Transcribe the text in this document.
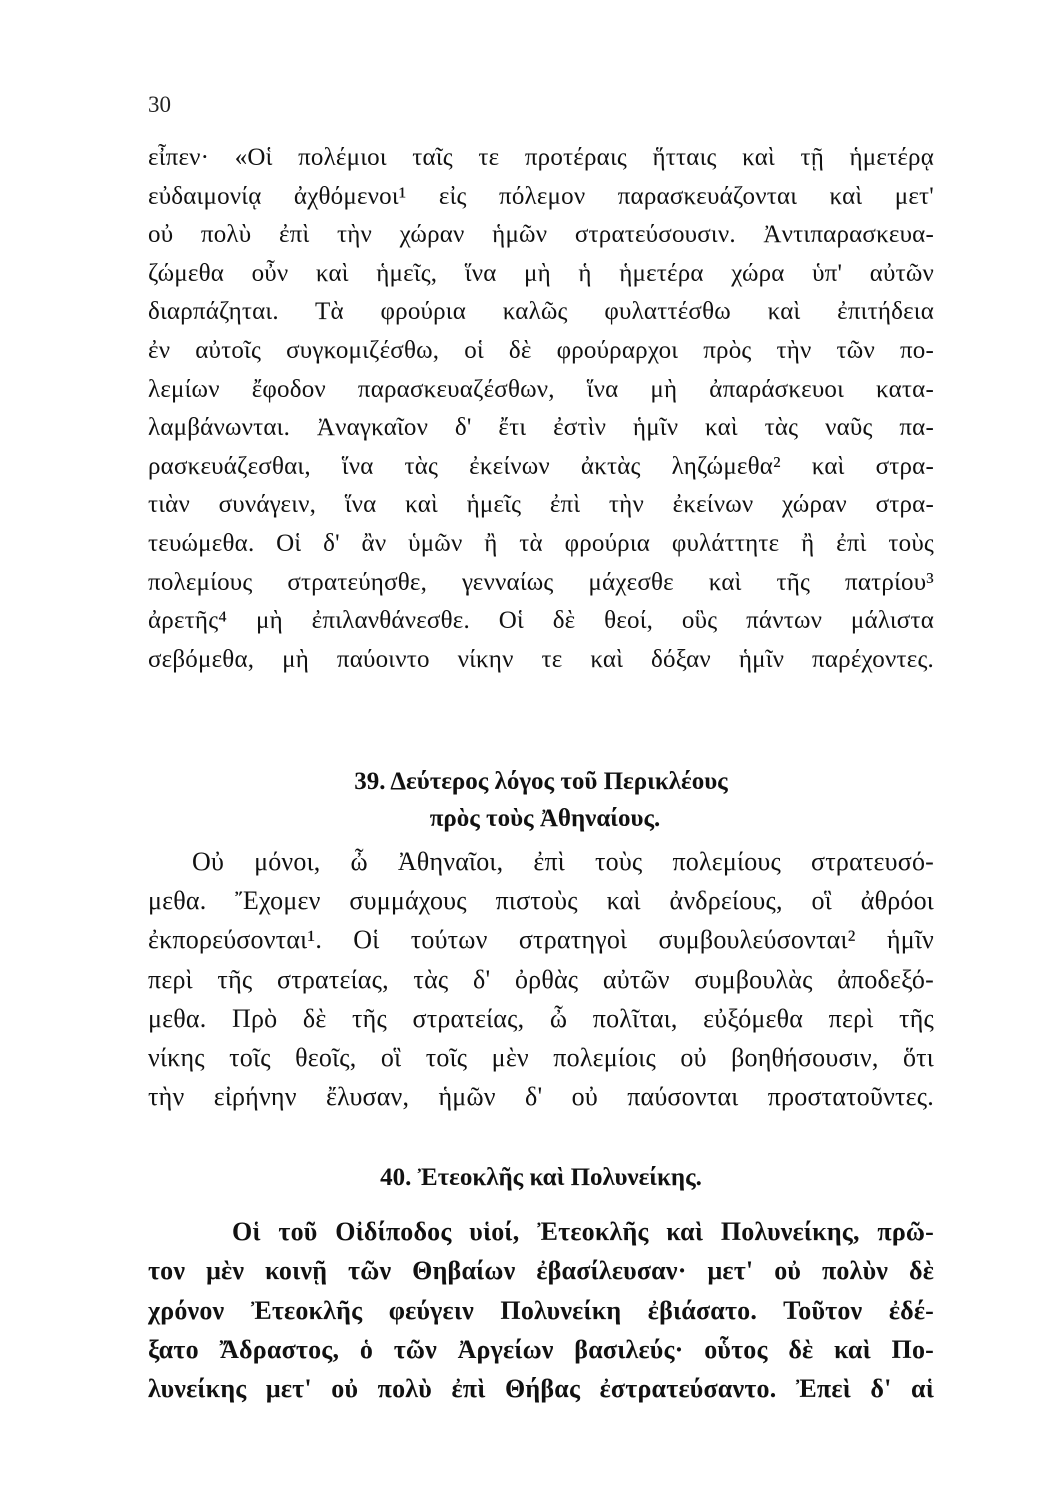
30
εἶπεν· «Οἱ πολέμιοι ταῖς τε προτέραις ἥτταις καὶ τῇ ἡμετέρᾳ
εὐδαιμονίᾳ ἀχθόμενοι¹ εἰς πόλεμον παρασκευάζονται καὶ μετ'
οὐ πολὺ ἐπὶ τὴν χώραν ἡμῶν στρατεύσουσιν. Ἀντιπαρασκευα-
ζώμεθα οὖν καὶ ἡμεῖς, ἵνα μὴ ἡ ἡμετέρα χώρα ὑπ' αὐτῶν
διαρπάζηται. Τὰ φρούρια καλῶς φυλαττέσθω καὶ ἐπιτήδεια
ἐν αὐτοῖς συγκομιζέσθω, οἱ δὲ φρούραρχοι πρὸς τὴν τῶν πο-
λεμίων ἔφοδον παρασκευαζέσθων, ἵνα μὴ ἀπαράσκευοι κατα-
λαμβάνωνται. Ἀναγκαῖον δ' ἔτι ἐστὶν ἡμῖν καὶ τὰς ναῦς πα-
ρασκευάζεσθαι, ἵνα τὰς ἐκείνων ἀκτὰς ληζώμεθα² καὶ στρα-
τιὰν συνάγειν, ἵνα καὶ ἡμεῖς ἐπὶ τὴν ἐκείνων χώραν στρα-
τευώμεθα. Οἱ δ' ἂν ὑμῶν ἢ τὰ φρούρια φυλάττητε ἢ ἐπὶ τοὺς
πολεμίους στρατεύησθε, γενναίως μάχεσθε καὶ τῆς πατρίου³
ἀρετῆς⁴ μὴ ἐπιλανθάνεσθε. Οἱ δὲ θεοί, οὓς πάντων μάλιστα
σεβόμεθα, μὴ παύοιντο νίκην τε καὶ δόξαν ἡμῖν παρέχοντες.
39. Δεύτερος λόγος τοῦ Περικλέους
πρὸς τοὺς Ἀθηναίους.
Οὐ μόνοι, ὦ Ἀθηναῖοι, ἐπὶ τοὺς πολεμίους στρατευσό-
μεθα. Ἔχομεν συμμάχους πιστοὺς καὶ ἀνδρείους, οἳ ἀθρόοι
ἐκπορεύσονται¹. Οἱ τούτων στρατηγοὶ συμβουλεύσονται² ἡμῖν
περὶ τῆς στρατείας, τὰς δ' ὀρθὰς αὐτῶν συμβουλὰς ἀποδεξό-
μεθα. Πρὸ δὲ τῆς στρατείας, ὦ πολῖται, εὐξόμεθα περὶ τῆς
νίκης τοῖς θεοῖς, οἳ τοῖς μὲν πολεμίοις οὐ βοηθήσουσιν, ὅτι
τὴν εἰρήνην ἔλυσαν, ἡμῶν δ' οὐ παύσονται προστατοῦντες.
40. Ἐτεοκλῆς καὶ Πολυνείκης.
Οἱ τοῦ Οἰδίποδος υἱοί, Ἐτεοκλῆς καὶ Πολυνείκης, πρῶ-
τον μὲν κοινῇ τῶν Θηβαίων ἐβασίλευσαν· μετ' οὐ πολὺν δὲ
χρόνον Ἐτεοκλῆς φεύγειν Πολυνείκη ἐβιάσατο. Τοῦτον ἐδέ-
ξατο Ἄδραστος, ὁ τῶν Ἀργείων βασιλεύς· οὗτος δὲ καὶ Πο-
λυνείκης μετ' οὐ πολὺ ἐπὶ Θήβας ἐστρατεύσαντο. Ἐπεὶ δ' αἱ
